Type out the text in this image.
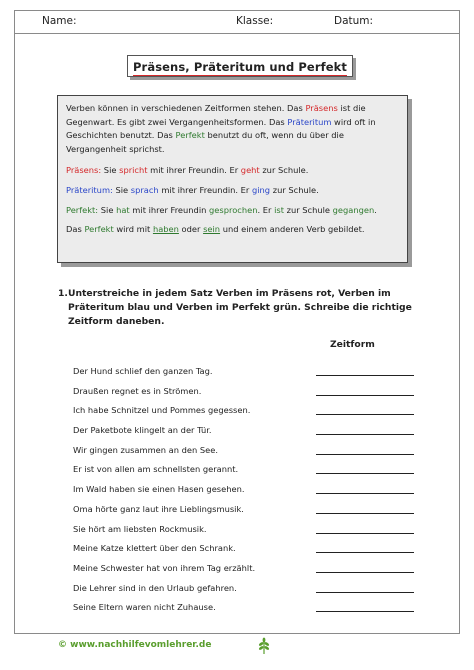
Name:	Klasse:	Datum:
Präsens, Präteritum und Perfekt

Verben können in verschiedenen Zeitformen stehen. Das Präsens ist die Gegenwart. Es gibt zwei Vergangenheitsformen. Das Präteritum wird oft in Geschichten benutzt. Das Perfekt benutzt du oft, wenn du über die Vergangenheit sprichst.

Präsens: Sie spricht mit ihrer Freundin. Er geht zur Schule.

Präteritum: Sie sprach mit ihrer Freundin. Er ging zur Schule.

Perfekt: Sie hat mit ihrer Freundin gesprochen. Er ist zur Schule gegangen.

Das Perfekt wird mit haben oder sein und einem anderen Verb gebildet.

1. Unterstreiche in jedem Satz Verben im Präsens rot, Verben im Präteritum blau und Verben im Perfekt grün. Schreibe die richtige Zeitform daneben.
Zeitform
Der Hund schlief den ganzen Tag.
Draußen regnet es in Strömen.
Ich habe Schnitzel und Pommes gegessen.
Der Paketbote klingelt an der Tür.
Wir gingen zusammen an den See.
Er ist von allen am schnellsten gerannt.
Im Wald haben sie einen Hasen gesehen.
Oma hörte ganz laut ihre Lieblingsmusik.
Sie hört am liebsten Rockmusik.
Meine Katze klettert über den Schrank.
Meine Schwester hat von ihrem Tag erzählt.
Die Lehrer sind in den Urlaub gefahren.
Seine Eltern waren nicht Zuhause.
© www.nachhilfevomlehrer.de
